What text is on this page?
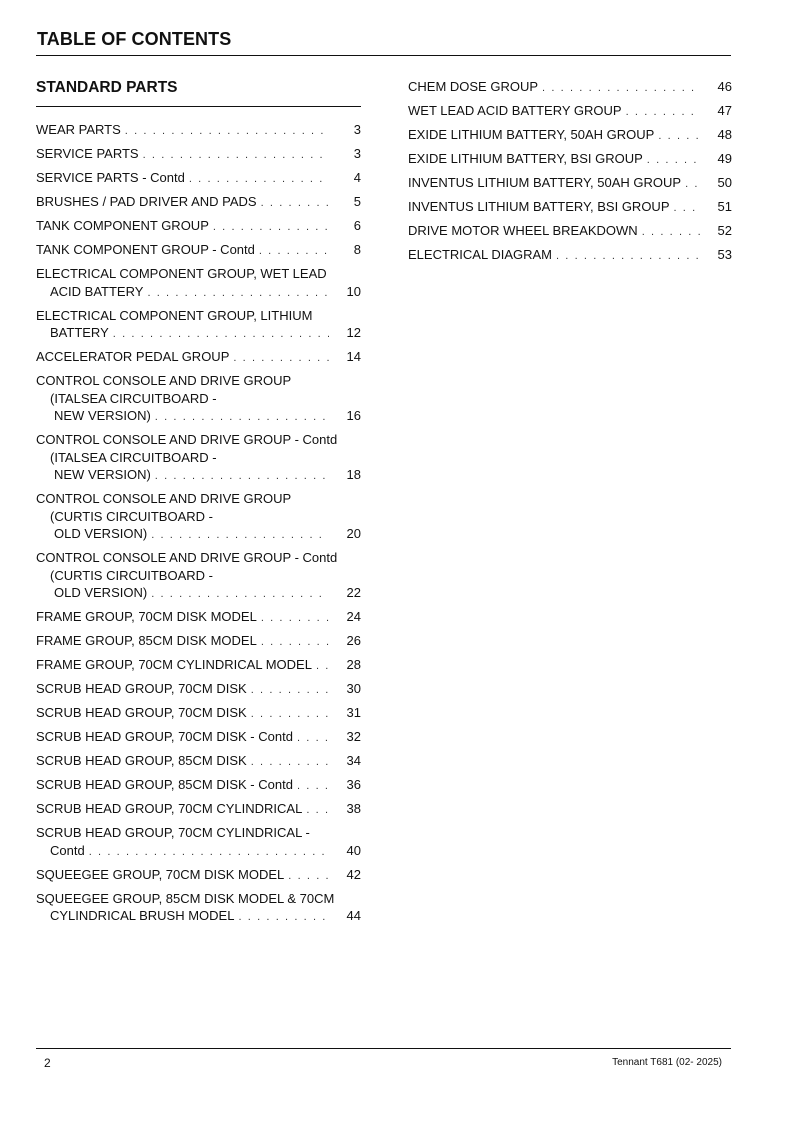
TABLE OF CONTENTS
STANDARD PARTS
WEAR PARTS . . .	3
SERVICE PARTS . . .	3
SERVICE PARTS - Contd . . .	4
BRUSHES / PAD DRIVER AND PADS . . .	5
TANK COMPONENT GROUP . . .	6
TANK COMPONENT GROUP - Contd . . .	8
ELECTRICAL COMPONENT GROUP, WET LEAD
ACID BATTERY . . .	10
ELECTRICAL COMPONENT GROUP, LITHIUM
BATTERY . . .	12
ACCELERATOR PEDAL GROUP . . .	14
CONTROL CONSOLE AND DRIVE GROUP
(ITALSEA CIRCUITBOARD -
NEW VERSION) . . .	16
CONTROL CONSOLE AND DRIVE GROUP - Contd
(ITALSEA CIRCUITBOARD -
NEW VERSION) . . .	18
CONTROL CONSOLE AND DRIVE GROUP
(CURTIS CIRCUITBOARD -
OLD VERSION) . . .	20
CONTROL CONSOLE AND DRIVE GROUP - Contd
(CURTIS CIRCUITBOARD -
OLD VERSION) . . .	22
FRAME GROUP, 70CM DISK MODEL . . .	24
FRAME GROUP, 85CM DISK MODEL . . .	26
FRAME GROUP, 70CM CYLINDRICAL MODEL . . .	28
SCRUB HEAD GROUP, 70CM DISK . . .	30
SCRUB HEAD GROUP, 70CM DISK . . .	31
SCRUB HEAD GROUP, 70CM DISK - Contd . . .	32
SCRUB HEAD GROUP, 85CM DISK . . .	34
SCRUB HEAD GROUP, 85CM DISK - Contd . . .	36
SCRUB HEAD GROUP, 70CM CYLINDRICAL . . .	38
SCRUB HEAD GROUP, 70CM CYLINDRICAL -
Contd . . .	40
SQUEEGEE GROUP, 70CM DISK MODEL . . .	42
SQUEEGEE GROUP, 85CM DISK MODEL & 70CM
CYLINDRICAL BRUSH MODEL . . .	44
CHEM DOSE GROUP . . .	46
WET LEAD ACID BATTERY GROUP . . .	47
EXIDE LITHIUM BATTERY, 50AH GROUP . . .	48
EXIDE LITHIUM BATTERY, BSI GROUP . . .	49
INVENTUS LITHIUM BATTERY, 50AH GROUP . . .	50
INVENTUS LITHIUM BATTERY, BSI GROUP . . .	51
DRIVE MOTOR WHEEL BREAKDOWN . . .	52
ELECTRICAL DIAGRAM . . .	53
2	Tennant T681 (02- 2025)
